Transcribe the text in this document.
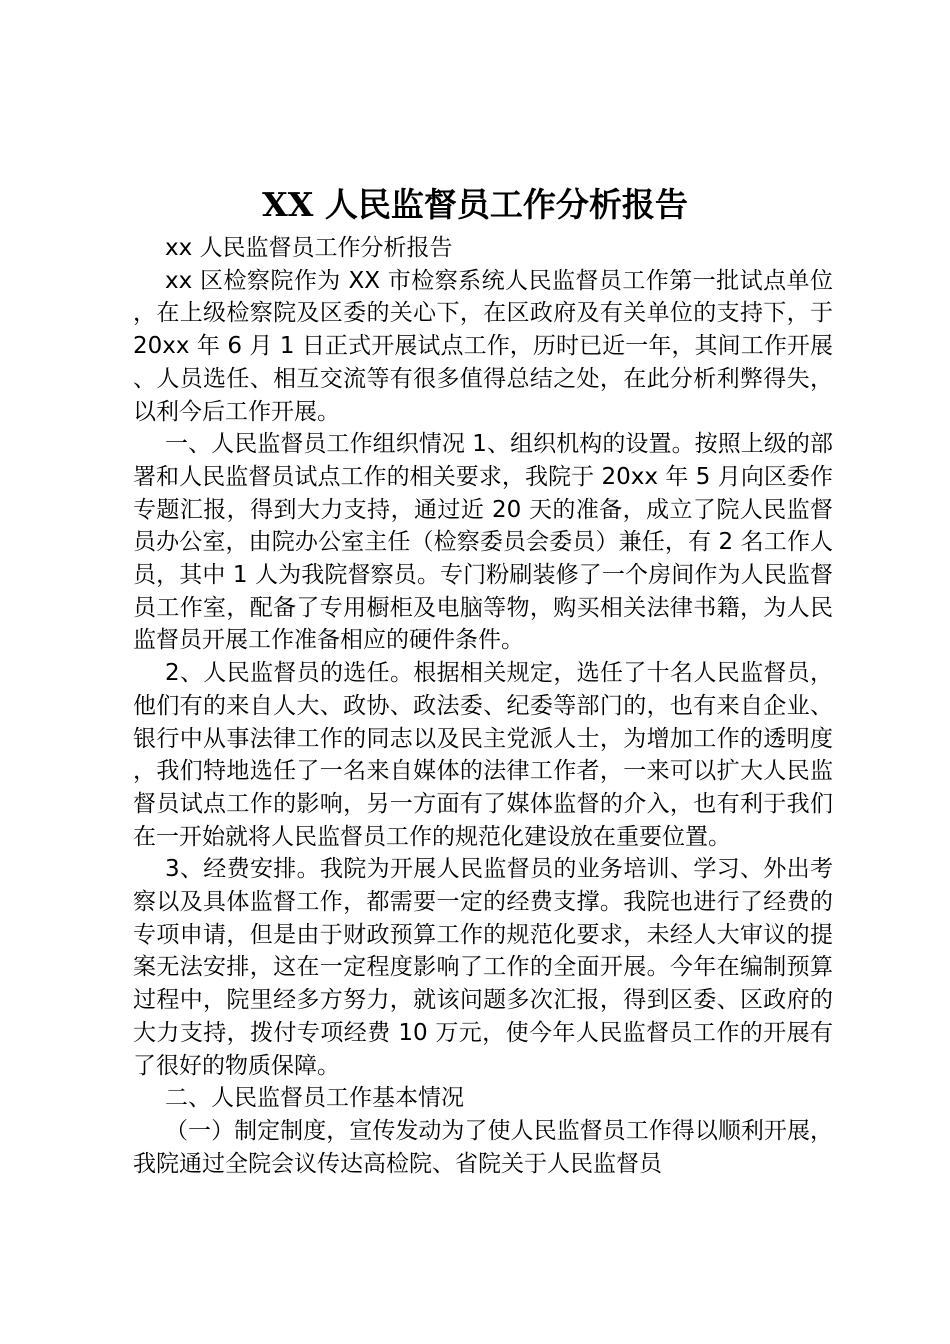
XX 人民监督员工作分析报告

xx 人民监督员工作分析报告

xx 区检察院作为 XX 市检察系统人民监督员工作第一批试点单位，在上级检察院及区委的关心下，在区政府及有关单位的支持下，于 20xx 年 6 月 1 日正式开展试点工作，历时已近一年，其间工作开展、人员选任、相互交流等有很多值得总结之处，在此分析利弊得失，以利今后工作开展。

一、人民监督员工作组织情况 1、组织机构的设置。按照上级的部署和人民监督员试点工作的相关要求，我院于 20xx 年 5 月向区委作专题汇报，得到大力支持，通过近 20 天的准备，成立了院人民监督员办公室，由院办公室主任（检察委员会委员）兼任，有 2 名工作人员，其中 1 人为我院督察员。专门粉刷装修了一个房间作为人民监督员工作室，配备了专用橱柜及电脑等物，购买相关法律书籍，为人民监督员开展工作准备相应的硬件条件。

2、人民监督员的选任。根据相关规定，选任了十名人民监督员，他们有的来自人大、政协、政法委、纪委等部门的，也有来自企业、银行中从事法律工作的同志以及民主党派人士，为增加工作的透明度，我们特地选任了一名来自媒体的法律工作者，一来可以扩大人民监督员试点工作的影响，另一方面有了媒体监督的介入，也有利于我们在一开始就将人民监督员工作的规范化建设放在重要位置。

3、经费安排。我院为开展人民监督员的业务培训、学习、外出考察以及具体监督工作，都需要一定的经费支撑。我院也进行了经费的专项申请，但是由于财政预算工作的规范化要求，未经人大审议的提案无法安排，这在一定程度影响了工作的全面开展。今年在编制预算过程中，院里经多方努力，就该问题多次汇报，得到区委、区政府的大力支持，拨付专项经费 10 万元，使今年人民监督员工作的开展有了很好的物质保障。

二、人民监督员工作基本情况

（一）制定制度，宣传发动为了使人民监督员工作得以顺利开展，我院通过全院会议传达高检院、省院关于人民监督员
